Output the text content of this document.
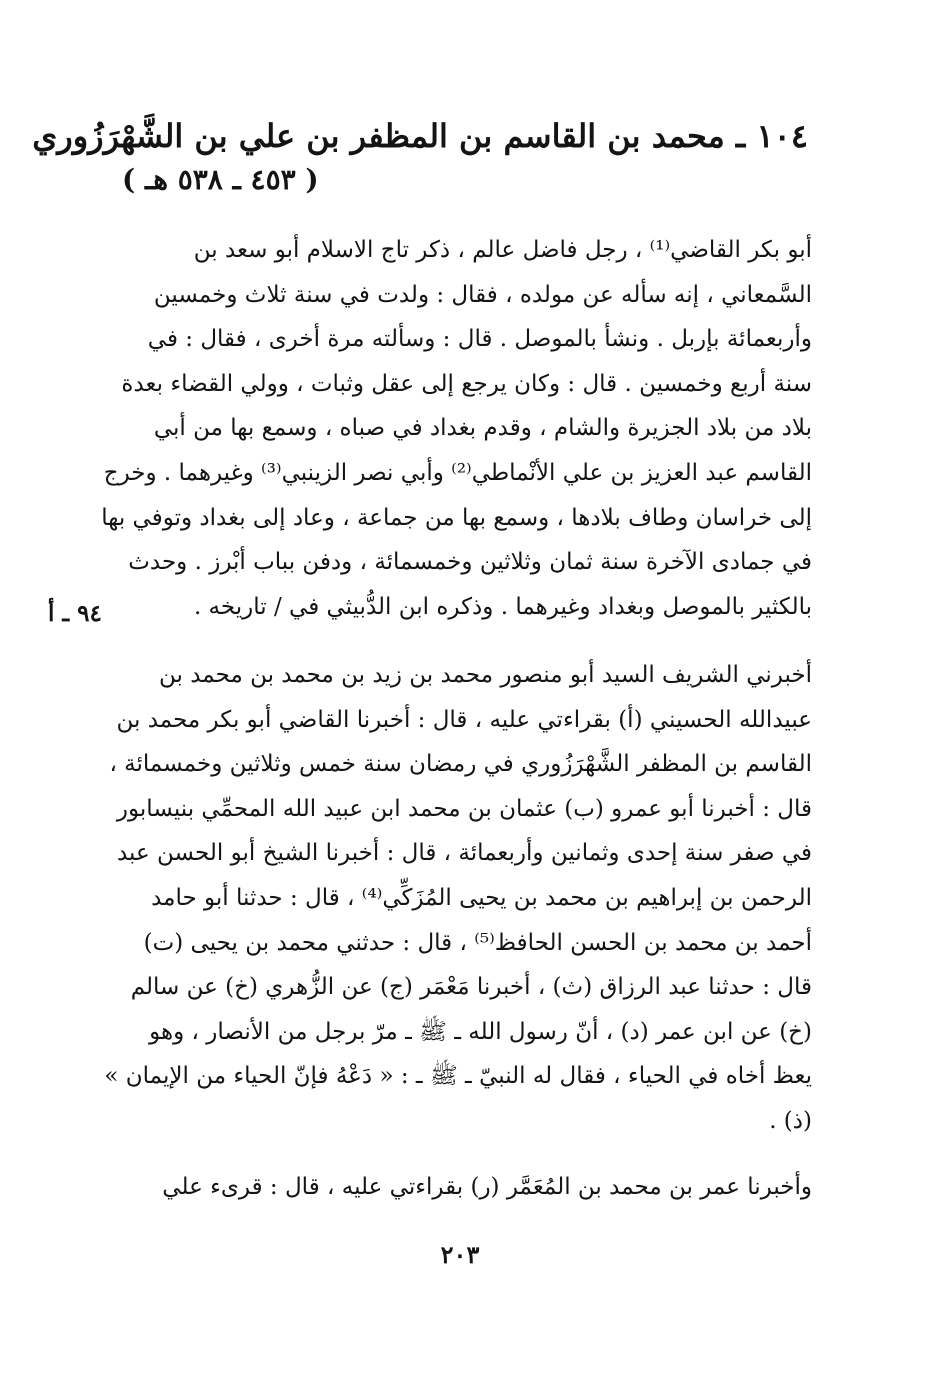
١٠٤ ـ محمد بن القاسم بن المظفر بن علي بن الشَّهْرَزُوري
( ٤٥٣ ـ ٥٣٨ هـ )
أبو بكر القاضي⁽¹⁾ ، رجل فاضل عالم ، ذكر تاج الاسلام أبو سعد بن
السَّمعاني ، إنه سأله عن مولده ، فقال : ولدت في سنة ثلاث وخمسين
وأربعمائة بإربل . ونشأ بالموصل . قال : وسألته مرة أخرى ، فقال : في
سنة أربع وخمسين . قال : وكان يرجع إلى عقل وثبات ، وولي القضاء بعدة
بلاد من بلاد الجزيرة والشام ، وقدم بغداد في صباه ، وسمع بها من أبي
القاسم عبد العزيز بن علي الأنْماطي⁽²⁾ وأبي نصر الزينبي⁽³⁾ وغيرهما . وخرج
إلى خراسان وطاف بلادها ، وسمع بها من جماعة ، وعاد إلى بغداد وتوفي بها
في جمادى الآخرة سنة ثمان وثلاثين وخمسمائة ، ودفن بباب أبْرز . وحدث
بالكثير بالموصل وبغداد وغيرهما . وذكره ابن الدُّبيثي في / تاريخه .
٩٤ ـ أ
أخبرني الشريف السيد أبو منصور محمد بن زيد بن محمد بن محمد بن
عبيدالله الحسيني (أ) بقراءتي عليه ، قال : أخبرنا القاضي أبو بكر محمد بن
القاسم بن المظفر الشَّهْرَزُوري في رمضان سنة خمس وثلاثين وخمسمائة ،
قال : أخبرنا أبو عمرو (ب) عثمان بن محمد ابن عبيد الله المحمِّي بنيسابور
في صفر سنة إحدى وثمانين وأربعمائة ، قال : أخبرنا الشيخ أبو الحسن عبد
الرحمن بن إبراهيم بن محمد بن يحيى المُزَكِّي⁽⁴⁾ ، قال : حدثنا أبو حامد
أحمد بن محمد بن الحسن الحافظ⁽⁵⁾ ، قال : حدثني محمد بن يحيى (ت)
قال : حدثنا عبد الرزاق (ث) ، أخبرنا مَعْمَر (ج) عن الزُّهري (خ) عن سالم
(خ) عن ابن عمر (د) ، أنّ رسول الله ـ ﷺ ـ مرّ برجل من الأنصار ، وهو
يعظ أخاه في الحياء ، فقال له النبيّ ـ ﷺ ـ : « دَعْهُ فإنّ الحياء من الإيمان »
(ذ) .
وأخبرنا عمر بن محمد بن المُعَمَّر (ر) بقراءتي عليه ، قال : قرىء علي
٢٠٣
